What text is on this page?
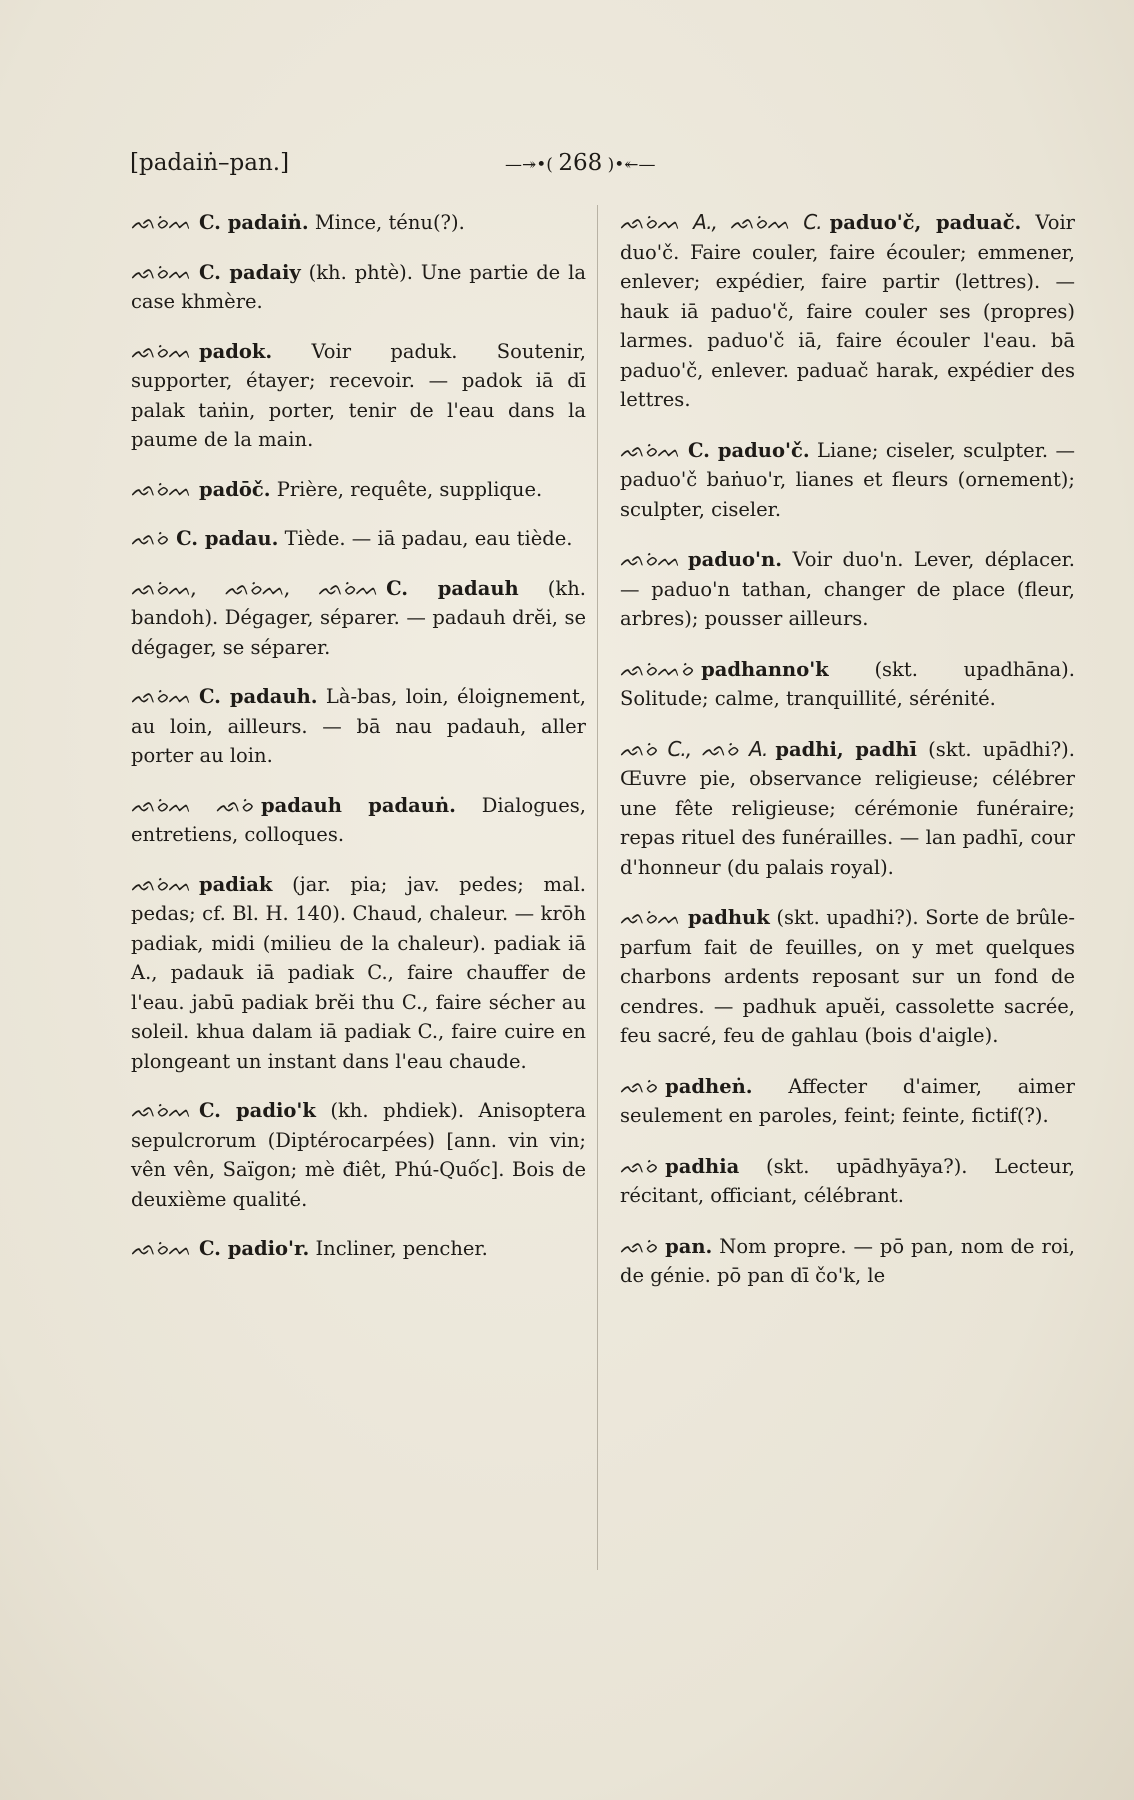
[padaiṅ–pan.]
—↠•(	268 )•↞—

ᨒᨔᨗᨓ C. padaiṅ. Mince, ténu(?).

ᨒᨔᨗᨓ C. padaiy (kh. phtè). Une partie de la case khmère.

ᨒᨔᨗᨓ padok. Voir paduk. Soutenir, supporter, étayer; recevoir. — padok iā dī palak taṅin, porter, tenir de l'eau dans la paume de la main.

ᨒᨔᨗᨓ padōč. Prière, requête, supplique.

ᨒᨔᨗ C. padau. Tiède. — iā padau, eau tiède.

ᨒᨔᨗᨓ, ᨒᨔᨗᨓ, ᨒᨔᨗᨓ C. padauh (kh. bandoh). Dégager, séparer. — padauh drĕi, se dégager, se séparer.

ᨒᨔᨗᨓ C. padauh. Là-bas, loin, éloignement, au loin, ailleurs. — bā nau padauh, aller porter au loin.

ᨒᨔᨗᨓ ᨒᨔᨗ padauh padauṅ. Dialogues, entretiens, colloques.

ᨒᨔᨗᨓ padiak (jar. pia; jav. pedes; mal. pedas; cf. Bl. H. 140). Chaud, chaleur. — krōh padiak, midi (milieu de la chaleur). padiak iā A., padauk iā padiak C., faire chauffer de l'eau. jabū padiak brĕi thu C., faire sécher au soleil. khua dalam iā padiak C., faire cuire en plongeant un instant dans l'eau chaude.

ᨒᨔᨗᨓ C. padio'k (kh. phdiek). Anisoptera sepulcrorum (Diptérocarpées) [ann. vin vin; vên vên, Saïgon; mè điêt, Phú-Quốc]. Bois de deuxième qualité.

ᨒᨔᨗᨓ C. padio'r. Incliner, pencher.

ᨒᨔᨗᨓ A., ᨒᨔᨗᨓ C. paduo'č, paduač. Voir duo'č. Faire couler, faire écouler; emmener, enlever; expédier, faire partir (lettres). — hauk iā paduo'č, faire couler ses (propres) larmes. paduo'č iā, faire écouler l'eau. bā paduo'č, enlever. paduač harak, expédier des lettres.

ᨒᨔᨗᨓ C. paduo'č. Liane; ciseler, sculpter. — paduo'č baṅuo'r, lianes et fleurs (ornement); sculpter, ciseler.

ᨒᨔᨗᨓ paduo'n. Voir duo'n. Lever, déplacer. — paduo'n tathan, changer de place (fleur, arbres); pousser ailleurs.

ᨒᨔᨗᨓᨔᨗ padhanno'k (skt. upadhāna). Solitude; calme, tranquillité, sérénité.

ᨒᨔᨗ C., ᨒᨔᨗ A. padhi, padhī (skt. upādhi?). Œuvre pie, observance religieuse; célébrer une fête religieuse; cérémonie funéraire; repas rituel des funérailles. — lan padhī, cour d'honneur (du palais royal).

ᨒᨔᨗᨓ padhuk (skt. upadhi?). Sorte de brûle-parfum fait de feuilles, on y met quelques charbons ardents reposant sur un fond de cendres. — padhuk apuĕi, cassolette sacrée, feu sacré, feu de gahlau (bois d'aigle).

ᨒᨔᨗ padheṅ. Affecter d'aimer, aimer seulement en paroles, feint; feinte, fictif(?).

ᨒᨔᨗ padhia (skt. upādhyāya?). Lecteur, récitant, officiant, célébrant.

ᨒᨔᨗ pan. Nom propre. — pō pan, nom de roi, de génie. pō pan dī čo'k, le
